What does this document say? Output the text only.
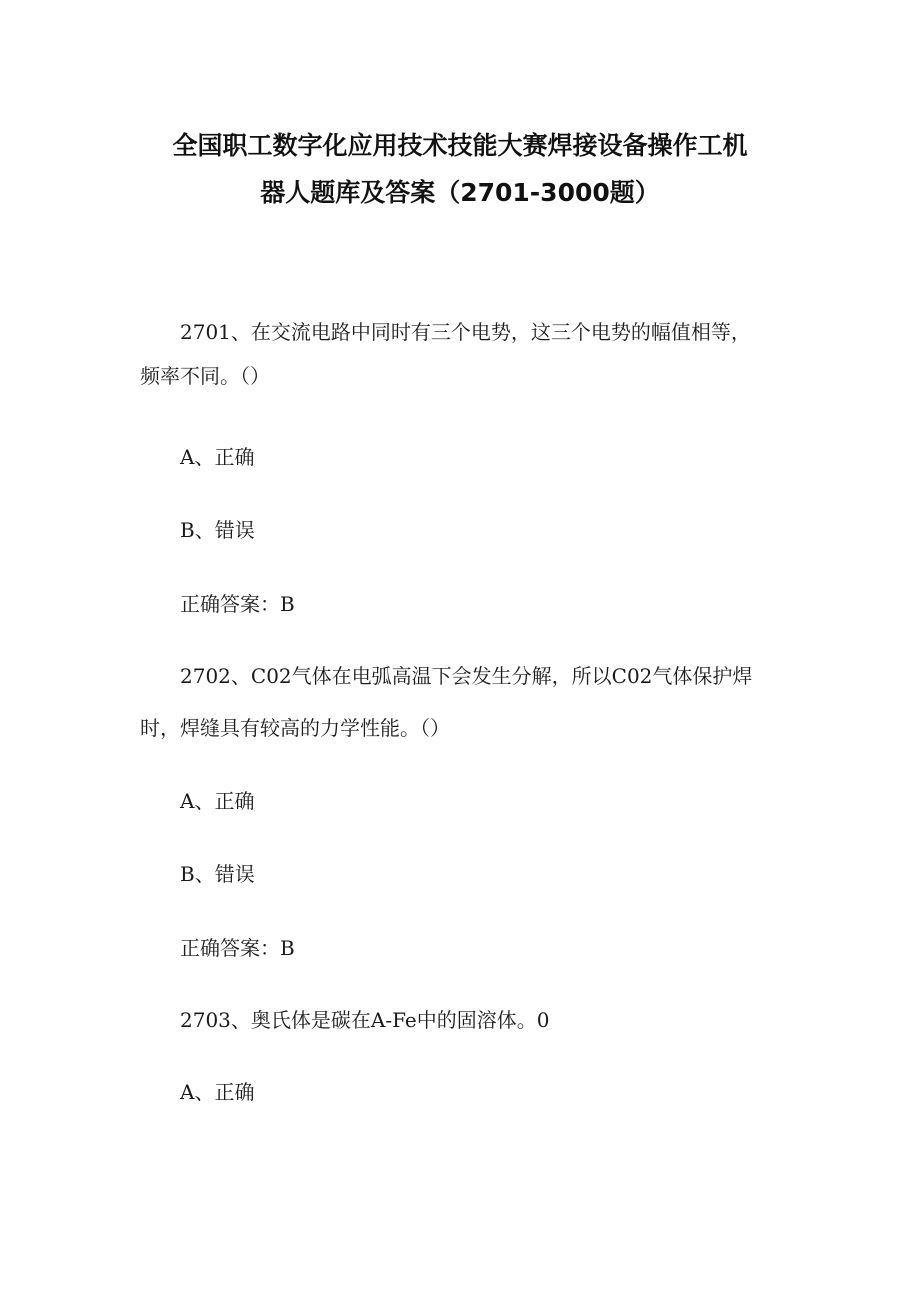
全国职工数字化应用技术技能大赛焊接设备操作工机
器人题库及答案（2701-3000题）
2701、在交流电路中同时有三个电势，这三个电势的幅值相等，
频率不同。（）
A、正确
B、错误
正确答案：B
2702、C02气体在电弧高温下会发生分解，所以C02气体保护焊
时，焊缝具有较高的力学性能。（）
A、正确
B、错误
正确答案：B
2703、奥氏体是碳在A-Fe中的固溶体。0
A、正确
